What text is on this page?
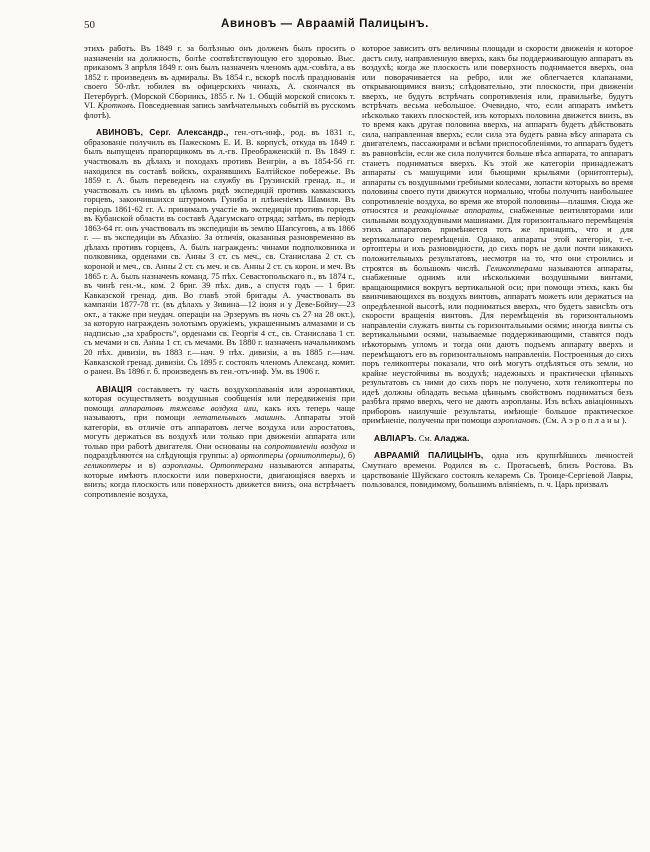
Авиновъ — Авраамій Палицынъ.
50

этихъ работъ. Въ 1849 г. за болѣзнью онъ долженъ былъ просить о назначеніи на должность, болѣе соотвѣтствующую его здоровью. Выс. приказомъ 3 апрѣля 1849 г. онъ былъ назначенъ членомъ адм.-совѣта, а въ 1852 г. произведенъ въ адмиралы. Въ 1854 г., вскорѣ послѣ празднованія своего 50-лѣт. юбилея въ офицерскихъ чинахъ, А. скончался въ Петербургѣ. (Морской Сборникъ, 1855 г. № 1. Общій морской списокъ т. VI. Кротковъ. Повседневная запись замѣчательныхъ событій въ русскомъ флотѣ).

АВИНОВЪ, Серг. Александр., ген.-отъ-инф., род. въ 1831 г., образованіе получилъ въ Пажескомъ Е. И. В. корпусѣ, откуда въ 1849 г. былъ выпущенъ прапорщикомъ въ л.-гв. Преображенскій п. Въ 1849 г. участвовалъ въ дѣлахъ и походахъ противъ Венгріи, а въ 1854-56 гг. находился въ составѣ войскъ, охранявшихъ Балтійское побережье. Въ 1859 г. А. былъ переведенъ на службу въ Грузинскій гренад. п., и участвовалъ съ нимъ въ цѣломъ рядѣ экспедицій противъ кавказскихъ горцевъ, закончившихся штурмомъ Гуниба и плѣненіемъ Шамиля. Въ періодъ 1861-62 гг. А. принималъ участіе въ экспедиціи противъ горцевъ въ Кубанской области въ составѣ Адагумскаго отряда; затѣмъ, въ періодъ 1863-64 гг. онъ участвовалъ въ экспедиціи въ землю Шапсуговъ, а въ 1866 г. — въ экспедиціи въ Абхазію. За отличія, оказанныя разновременно въ дѣлахъ противъ горцевъ, А. былъ награжденъ: чинами подполковника и полковника, орденами св. Анны 3 ст. съ меч., св. Станислава 2 ст. съ короной и меч., св. Анны 2 ст. съ меч. и св. Анны 2 ст. съ корон. и меч. Въ 1865 г. А. былъ назначенъ команд. 75 пѣх. Севастопольскаго п., въ 1874 г., въ чинѣ ген.-м., ком. 2 бриг. 39 пѣх. див., а спустя годъ — 1 бриг. Кавказской гренад. див. Во главѣ этой бригады А. участвовалъ въ кампаніи 1877-78 гг. (въ дѣлахъ у Зивина—12 іюня и у Деве-Бойну—23 окт., а также при неудач. операціи на Эрзерумъ въ ночь съ 27 на 28 окт.), за которую награжденъ золотымъ оружіемъ, украшеннымъ алмазами и съ надписью „за храбрость“, орденами св. Георгія 4 ст., св. Станислава 1 ст. съ мечами и св. Анны 1 ст. съ мечами. Въ 1880 г. назначенъ начальникомъ 20 пѣх. дивизіи, въ 1883 г.—нач. 9 пѣх. дивизіи, а въ 1885 г.—нач. Кавказской гренад. дивизіи. Съ 1895 г. состоялъ членомъ Александ. комит. о ранен. Въ 1896 г. б. произведенъ въ ген.-отъ-инф. Ум. въ 1906 г.

АВІАЦІЯ составляетъ ту часть воздухоплаванія или аэронавтики, которая осуществляетъ воздушныя сообщенія или передвиженія при помощи аппаратовъ тяжелѣе воздуха или, какъ ихъ теперь чаще называютъ, при помощи летательныхъ машинъ. Аппараты этой категоріи, въ отличіе отъ аппаратовъ легче воздуха или аэростатовъ, могутъ держаться въ воздухѣ или только при движеніи аппарата или только при работѣ двигателя. Они основаны на сопротивленіи воздуха и подраздѣляются на слѣдующія группы: а) ортоптеры (орнитоптеры), б) геликоптеры и в) аэропланы. Ортоптерами называются аппараты, которые имѣютъ плоскости или поверхности, двигающіяся вверхъ и внизъ; когда плоскость или поверхность движется внизъ, она встрѣчаетъ сопротивленіе воздуха,

которое зависитъ отъ величины площади и скорости движенія и которое дастъ силу, направленную вверхъ, какъ бы поддерживающую аппаратъ въ воздухѣ; когда же плоскость или поверхность поднимается вверхъ, она или поворачивается на ребро, или же облегчается клапанами, открывающимися внизъ; слѣдовательно, эти плоскости, при движеніи вверхъ, не будутъ встрѣчать сопротивленія или, правильнѣе, будутъ встрѣчать весьма небольшое. Очевидно, что, если аппаратъ имѣетъ нѣсколько такихъ плоскостей, изъ которыхъ половина движется внизъ, въ то время какъ другая половина вверхъ, на аппаратъ будетъ дѣйствовать сила, направленная вверхъ; если сила эта будетъ равна вѣсу аппарата съ двигателемъ, пассажирами и всѣми приспособленіями, то аппаратъ будетъ въ равновѣсіи, если же сила получится больше вѣса аппарата, то аппаратъ станетъ подниматься вверхъ. Къ этой же категоріи принадлежатъ аппараты съ машущими или бьющими крыльями (орнитоптеры), аппараты съ воздушными гребными колесами, лопасти которыхъ во время половины своего пути движутся нормально, чтобы получить наибольшее сопротивленіе воздуха, во время же второй половины—плашмя. Сюда же относятся и реакціонные аппараты, снабженные вентиляторами или сильными воздуходувными машинами. Для горизонтальнаго перемѣщенія этихъ аппаратовъ примѣняется тотъ же принципъ, что и для вертикальнаго перемѣщенія. Однако, аппараты этой категоріи, т.-е. ортоптеры и ихъ разновидности, до сихъ поръ не дали почти никакихъ положительныхъ результатовъ, несмотря на то, что они строились и строятся въ большомъ числѣ. Геликоптерами называются аппараты, снабженные однимъ или нѣсколькими воздушными винтами, вращающимися вокругъ вертикальной оси; при помощи этихъ, какъ бы ввинчивающихся въ воздухъ винтовъ, аппаратъ можетъ или держаться на опредѣленной высотѣ, или подниматься вверхъ, что будетъ зависѣть отъ скорости вращенія винтовъ. Для перемѣщенія въ горизонтальномъ направленіи служатъ винты съ горизонтальными осями; иногда винты съ вертикальными осями, называемые поддерживающими, ставятся подъ нѣкоторымъ угломъ и тогда они даютъ подъемъ аппарату вверхъ и перемѣщаютъ его въ горизонтальномъ направленіи. Построенныя до сихъ поръ геликоптеры показали, что онѣ могутъ отдѣляться отъ земли, но крайне неустойчивы въ воздухѣ; надежныхъ и практически цѣнныхъ результатовъ съ ними до сихъ поръ не получено, хотя геликоптеры по идеѣ должны обладать весьма цѣннымъ свойствомъ подниматься безъ разбѣга прямо вверхъ, чего не даютъ аэропланы. Изъ всѣхъ авіаціонныхъ приборовъ наилучшіе результаты, имѣющіе большое практическое примѣненіе, получены при помощи аэроплановъ. (См. Аэропланы).

АВЛІАРЪ. См. Аладжа.

АВРААМІЙ ПАЛИЦЫНЪ, одна изъ крупнѣйшихъ личностей Смутнаго времени. Родился въ с. Протасьевѣ, близъ Ростова. Въ царствованіе Шуйскаго состоялъ келаремъ Св. Троице-Сергіевой Лавры, пользовался, повидимому, большимъ вліяніемъ, п. ч. Царь призвалъ
